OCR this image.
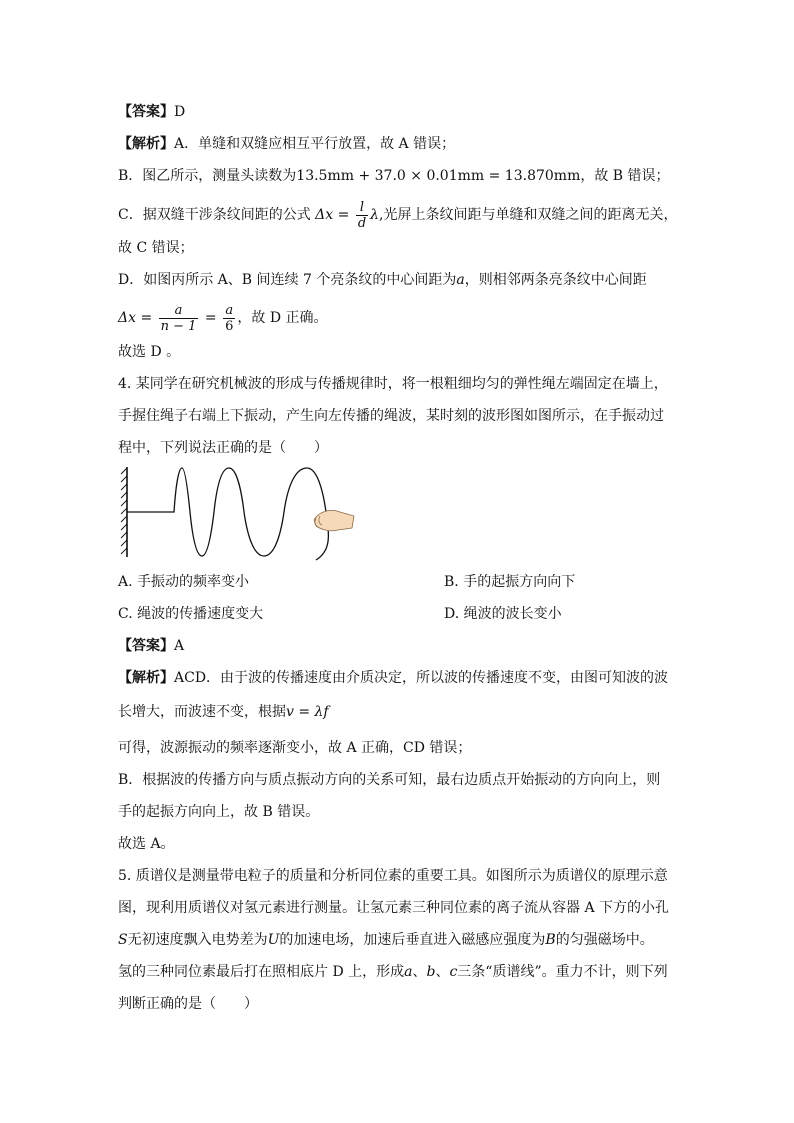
【答案】D
【解析】A．单缝和双缝应相互平行放置，故 A 错误；
B．图乙所示，测量头读数为13.5mm + 37.0 × 0.01mm = 13.870mm，故 B 错误；
C．据双缝干涉条纹间距的公式 $\Delta x = \frac{l}{d} \lambda$,光屏上条纹间距与单缝和双缝之间的距离无关，
故 C 错误；
D．如图丙所示 A、B 间连续 7 个亮条纹的中心间距为a，则相邻两条亮条纹中心间距
$\Delta x = \frac{a}{n - 1} = \frac{a}{6}$ ，故 D 正确。
故选 D 。
4. 某同学在研究机械波的形成与传播规律时，将一根粗细均匀的弹性绳左端固定在墙上，
手握住绳子右端上下振动，产生向左传播的绳波，某时刻的波形图如图所示，在手振动过
程中，下列说法正确的是（　　）
A. 手振动的频率变小	B. 手的起振方向向下
C. 绳波的传播速度变大	D. 绳波的波长变小
【答案】A
【解析】ACD．由于波的传播速度由介质决定，所以波的传播速度不变，由图可知波的波
长增大，而波速不变，根据v = λf
可得，波源振动的频率逐渐变小，故 A 正确，CD 错误；
B．根据波的传播方向与质点振动方向的关系可知，最右边质点开始振动的方向向上，则
手的起振方向向上，故 B 错误。
故选 A。
5. 质谱仪是测量带电粒子的质量和分析同位素的重要工具。如图所示为质谱仪的原理示意
图，现利用质谱仪对氢元素进行测量。让氢元素三种同位素的离子流从容器 A 下方的小孔
S无初速度飘入电势差为U的加速电场，加速后垂直进入磁感应强度为B的匀强磁场中。
氢的三种同位素最后打在照相底片 D 上，形成a、b、c三条“质谱线”。重力不计，则下列
判断正确的是（　　）
